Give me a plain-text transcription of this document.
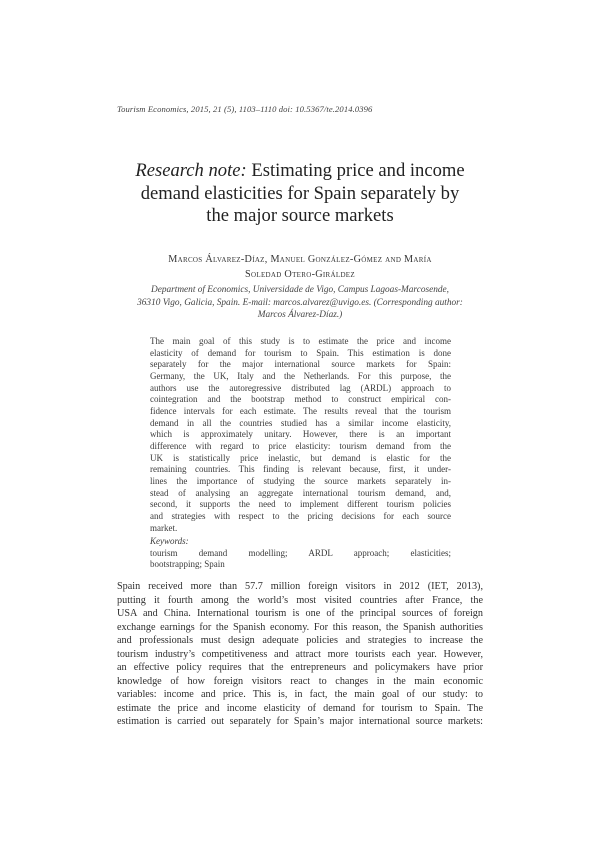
Tourism Economics, 2015, 21 (5), 1103–1110 doi: 10.5367/te.2014.0396
Research note: Estimating price and income
demand elasticities for Spain separately by
the major source markets
Marcos Álvarez-Díaz, Manuel González-Gómez and María
Soledad Otero-Giráldez
Department of Economics, Universidade de Vigo, Campus Lagoas-Marcosende,
36310 Vigo, Galicia, Spain. E-mail: marcos.alvarez@uvigo.es. (Corresponding author:
Marcos Álvarez-Díaz.)
The main goal of this study is to estimate the price and income
elasticity of demand for tourism to Spain. This estimation is done
separately for the major international source markets for Spain:
Germany, the UK, Italy and the Netherlands. For this purpose, the
authors use the autoregressive distributed lag (ARDL) approach to
cointegration and the bootstrap method to construct empirical con-
fidence intervals for each estimate. The results reveal that the tourism
demand in all the countries studied has a similar income elasticity,
which is approximately unitary. However, there is an important
difference with regard to price elasticity: tourism demand from the
UK is statistically price inelastic, but demand is elastic for the
remaining countries. This finding is relevant because, first, it under-
lines the importance of studying the source markets separately in-
stead of analysing an aggregate international tourism demand, and,
second, it supports the need to implement different tourism policies
and strategies with respect to the pricing decisions for each source
market.
Keywords:
tourism demand modelling; ARDL approach; elasticities;
bootstrapping; Spain
Spain received more than 57.7 million foreign visitors in 2012 (IET, 2013),
putting it fourth among the world’s most visited countries after France, the
USA and China. International tourism is one of the principal sources of foreign
exchange earnings for the Spanish economy. For this reason, the Spanish authorities
and professionals must design adequate policies and strategies to increase the
tourism industry’s competitiveness and attract more tourists each year. However,
an effective policy requires that the entrepreneurs and policymakers have prior
knowledge of how foreign visitors react to changes in the main economic
variables: income and price. This is, in fact, the main goal of our study: to
estimate the price and income elasticity of demand for tourism to Spain. The
estimation is carried out separately for Spain’s major international source markets:
